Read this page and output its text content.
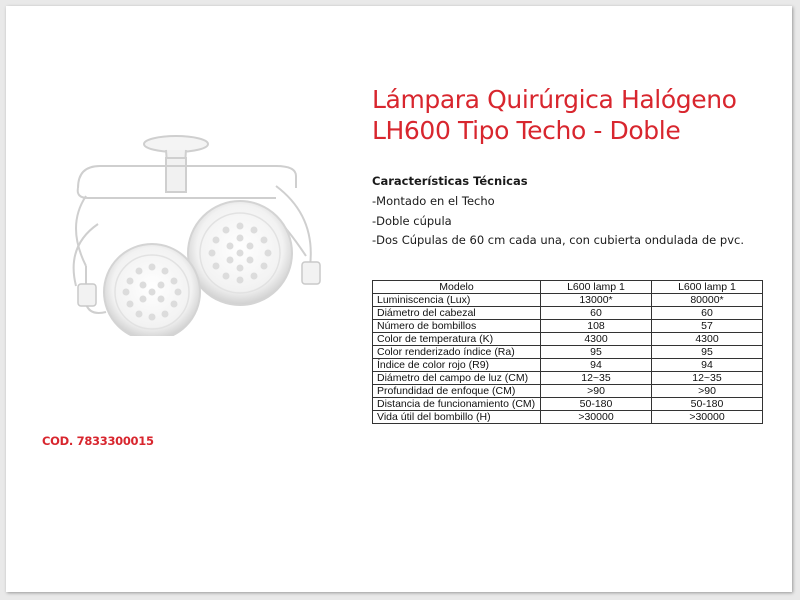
Lámpara Quirúrgica Halógeno
LH600 Tipo Techo - Doble
Características Técnicas
-Montado en el Techo
-Doble cúpula
-Dos Cúpulas de 60 cm cada una, con cubierta ondulada de pvc.
Modelo	L600 lamp 1	L600 lamp 1
Luminiscencia (Lux)	13000*	80000*
Diámetro del cabezal	60	60
Número de bombillos	108	57
Color de temperatura (K)	4300	4300
Color renderizado índice (Ra)	95	95
Índice de color rojo (R9)	94	94
Diámetro del campo de luz (CM)	12~35	12~35
Profundidad de enfoque (CM)	>90	>90
Distancia de funcionamiento (CM)	50-180	50-180
Vida útil del bombillo (H)	>30000	>30000
COD. 7833300015
